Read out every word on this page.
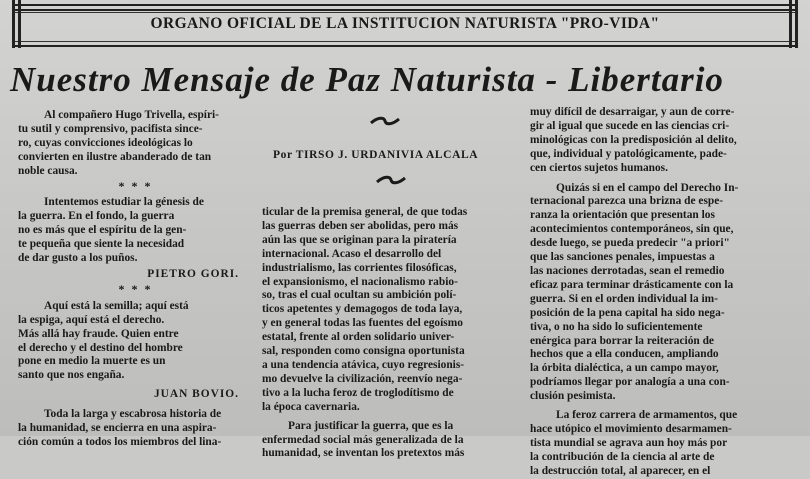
ORGANO OFICIAL DE LA INSTITUCION NATURISTA "PRO-VIDA"
Nuestro Mensaje de Paz Naturista - Libertario
Por TIRSO J. URDANIVIA ALCALA

Al compañero Hugo Trivella, espíri-

tu sutil y comprensivo, pacifista since-

ro, cuyas convicciones ideológicas lo

convierten en ilustre abanderado de tan

noble causa.

* * *

Intentemos estudiar la génesis de

la guerra. En el fondo, la guerra

no es más que el espíritu de la gen-

te pequeña que siente la necesidad

de dar gusto a los puños.

PIETRO GORI.

* * *

Aquí está la semilla; aquí está

la espiga, aquí está el derecho.

Más allá hay fraude. Quien entre

el derecho y el destino del hombre

pone en medio la muerte es un

santo que nos engaña.

JUAN BOVIO.

Toda la larga y escabrosa historia de

la humanidad, se encierra en una aspira-

ción común a todos los miembros del lina-

ticular de la premisa general, de que todas

las guerras deben ser abolidas, pero más

aún las que se originan para la piratería

internacional. Acaso el desarrollo del

industrialismo, las corrientes filosóficas,

el expansionismo, el nacionalismo rabio-

so, tras el cual ocultan su ambición polí-

ticos apetentes y demagogos de toda laya,

y en general todas las fuentes del egoísmo

estatal, frente al orden solidario univer-

sal, responden como consigna oportunista

a una tendencia atávica, cuyo regresionis-

mo devuelve la civilización, reenvío nega-

tivo a la lucha feroz de troglodítismo de

la época cavernaria.

Para justificar la guerra, que es la

enfermedad social más generalizada de la

humanidad, se inventan los pretextos más

muy difícil de desarraigar, y aun de corre-

gir al igual que sucede en las ciencias cri-

minológicas con la predisposición al delito,

que, individual y patológicamente, pade-

cen ciertos sujetos humanos.

Quizás si en el campo del Derecho In-

ternacional parezca una brizna de espe-

ranza la orientación que presentan los

acontecimientos contemporáneos, sin que,

desde luego, se pueda predecir "a priori"

que las sanciones penales, impuestas a

las naciones derrotadas, sean el remedio

eficaz para terminar drásticamente con la

guerra. Si en el orden individual la im-

posición de la pena capital ha sido nega-

tiva, o no ha sido lo suficientemente

enérgica para borrar la reiteración de

hechos que a ella conducen, ampliando

la órbita dialéctica, a un campo mayor,

podríamos llegar por analogía a una con-

clusión pesimista.

La feroz carrera de armamentos, que

hace utópico el movimiento desarmamen-

tista mundial se agrava aun hoy más por

la contribución de la ciencia al arte de

la destrucción total, al aparecer, en el
